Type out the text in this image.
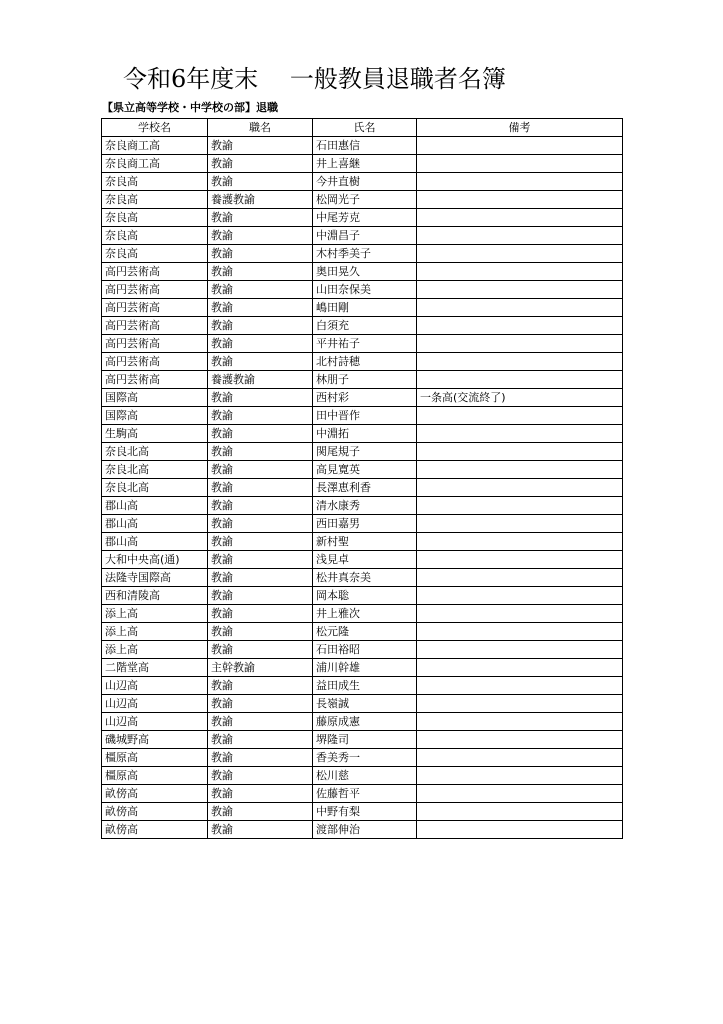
令和6年度末　 一般教員退職者名簿
【県立高等学校・中学校の部】退職
学校名	職名	氏名	備考
奈良商工高	教諭	石田惠信	
奈良商工高	教諭	井上喜継	
奈良高	教諭	今井直樹	
奈良高	養護教諭	松岡光子	
奈良高	教諭	中尾芳克	
奈良高	教諭	中淵昌子	
奈良高	教諭	木村季美子	
高円芸術高	教諭	奥田晃久	
高円芸術高	教諭	山田奈保美	
高円芸術高	教諭	嶋田剛	
高円芸術高	教諭	白須充	
高円芸術高	教諭	平井祐子	
高円芸術高	教諭	北村詩穂	
高円芸術高	養護教諭	林朋子	
国際高	教諭	西村彩	一条高(交流終了)
国際高	教諭	田中晋作	
生駒高	教諭	中淵拓	
奈良北高	教諭	関尾規子	
奈良北高	教諭	高見寛英	
奈良北高	教諭	長澤恵利香	
郡山高	教諭	清水康秀	
郡山高	教諭	西田嘉男	
郡山高	教諭	新村聖	
大和中央高(通)	教諭	浅見卓	
法隆寺国際高	教諭	松井真奈美	
西和清陵高	教諭	岡本聡	
添上高	教諭	井上雅次	
添上高	教諭	松元隆	
添上高	教諭	石田裕昭	
二階堂高	主幹教諭	浦川幹雄	
山辺高	教諭	益田成生	
山辺高	教諭	長嶺誠	
山辺高	教諭	藤原成憲	
磯城野高	教諭	堺隆司	
橿原高	教諭	香美秀一	
橿原高	教諭	松川慈	
畝傍高	教諭	佐藤哲平	
畝傍高	教諭	中野有梨	
畝傍高	教諭	渡部伸治	
